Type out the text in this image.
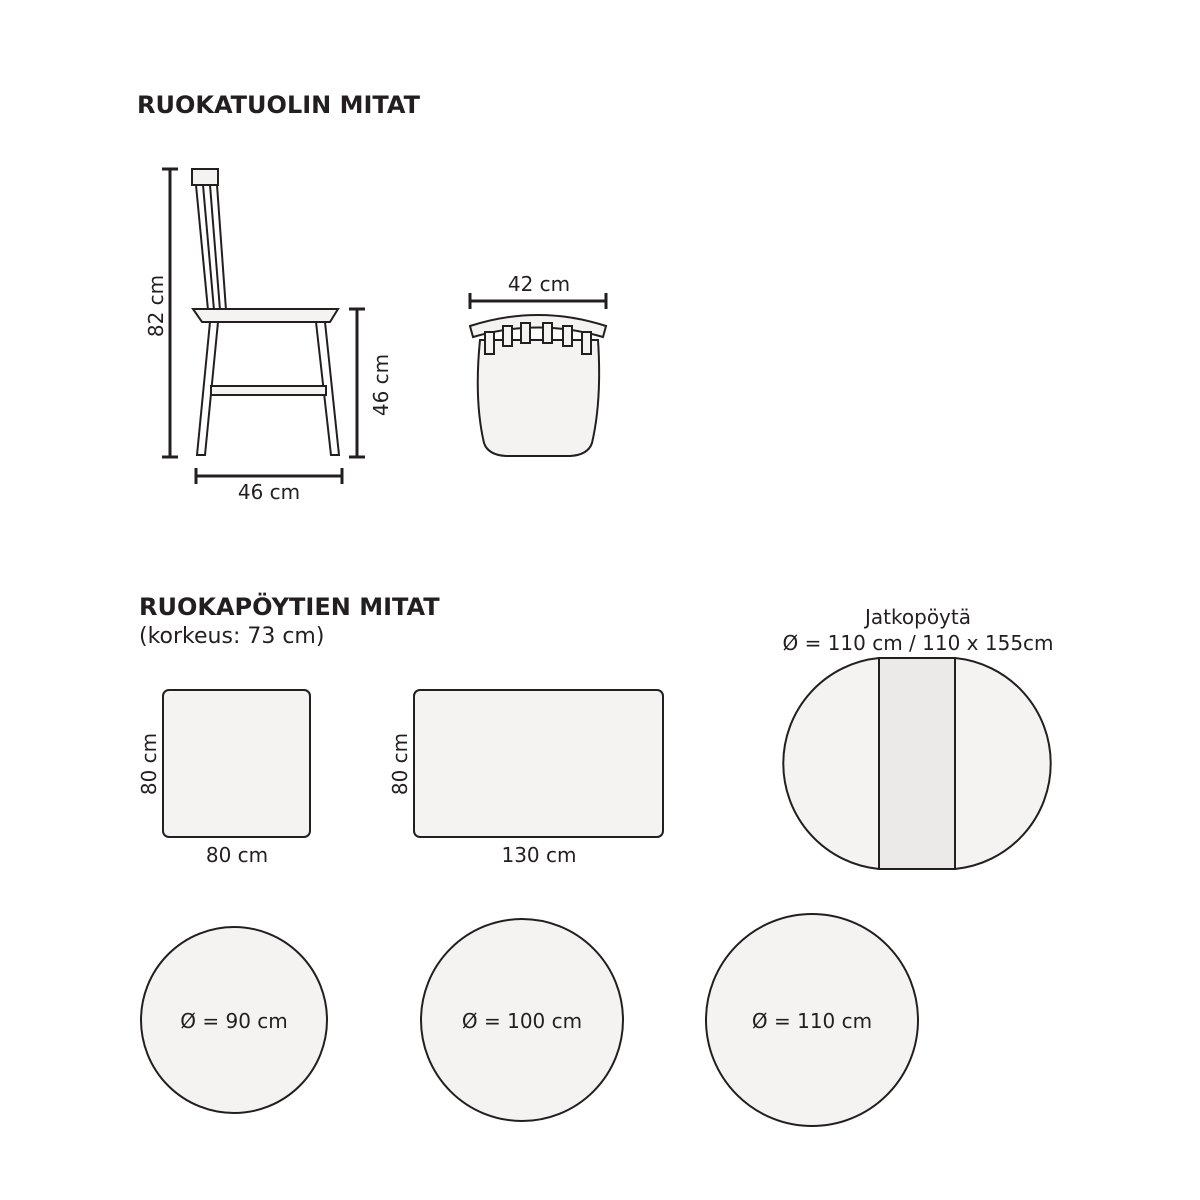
RUOKATUOLIN MITAT
82 cm
46 cm
46 cm
42 cm
RUOKAPÖYTIEN MITAT
(korkeus: 73 cm)
80 cm
80 cm
130 cm
80 cm
Jatkopöytä
Ø = 110 cm / 110 x 155cm
Ø = 90 cm	Ø = 100 cm	Ø = 110 cm
